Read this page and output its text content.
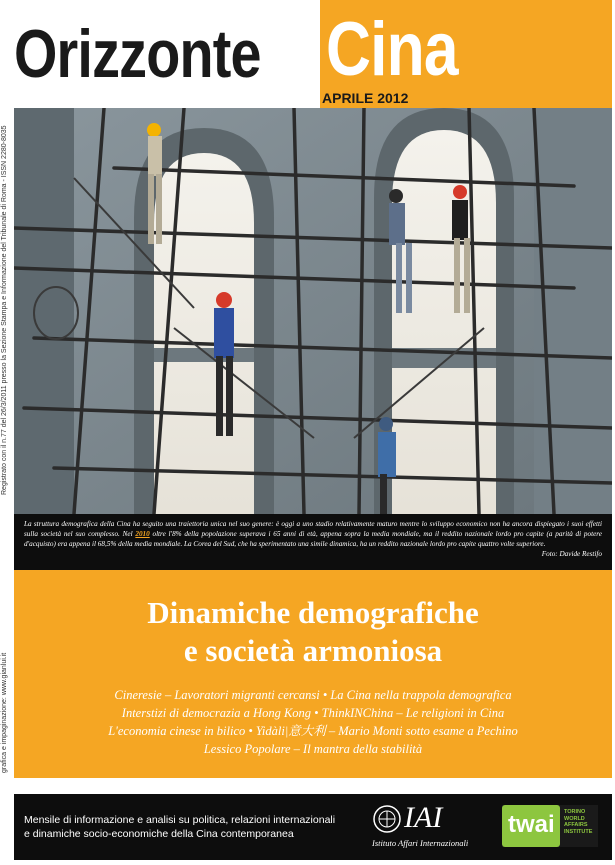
Orizzonte Cina
APRILE 2012
Registrato con il n.77 del 26/3/2011 presso la Sezione Stampa e Informazione del Tribunale di Roma - ISSN 2280-8035
grafica e impaginazione: www.gianlui.it
La struttura demografica della Cina ha seguito una traiettoria unica nel suo genere: è oggi a uno stadio relativamente maturo mentre lo sviluppo economico non ha ancora dispiegato i suoi effetti sulla società nel suo complesso. Nel 2010 oltre l'8% della popolazione superava i 65 anni di età, appena sopra la media mondiale, ma il reddito nazionale lordo pro capite (a parità di potere d'acquisto) era appena il 68,5% della media mondiale. La Corea del Sud, che ha sperimentato una simile dinamica, ha un reddito nazionale lordo pro capite quattro volte superiore.
Foto: Davide Restifo
Dinamiche demografiche
e società armoniosa
Cineresie – Lavoratori migranti cercansi • La Cina nella trappola demografica
Interstizi di democrazia a Hong Kong • ThinkINChina – Le religioni in Cina
L'economia cinese in bilico • Yidàli|意大利 – Mario Monti sotto esame a Pechino
Lessico Popolare – Il mantra della stabilità
Mensile di informazione e analisi su politica, relazioni internazionali
e dinamiche socio-economiche della Cina contemporanea	IAI
Istituto Affari Internazionali
twai TORINO WORLD AFFAIRS INSTITUTE
